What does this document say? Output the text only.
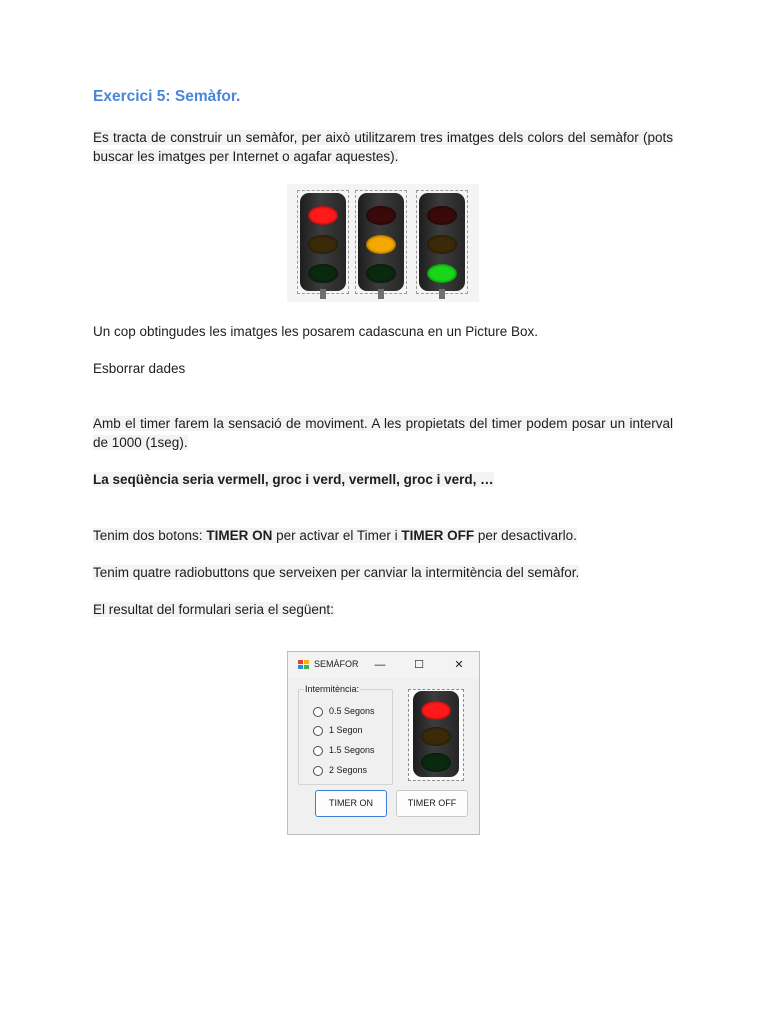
Exercici 5: Semàfor.

Es tracta de construir un semàfor, per això utilitzarem tres imatges dels colors del semàfor (pots buscar les imatges per Internet o agafar aquestes).

Un cop obtingudes les imatges les posarem cadascuna en un Picture Box.

Esborrar dades

Amb el timer farem la sensació de moviment. A les propietats del timer podem posar un interval de 1000 (1seg).

La seqüència seria vermell, groc i verd, vermell, groc i verd, …

Tenim dos botons: TIMER ON per activar el Timer i TIMER OFF per desactivarlo.

Tenim quatre radiobuttons que serveixen per canviar la intermitència del semàfor.

El resultat del formulari seria el següent:

SEMÀFOR —	☐	✕
Intermitència:
0.5 Segons
1 Segon
1.5 Segons
2 Segons
TIMER ON	TIMER OFF
